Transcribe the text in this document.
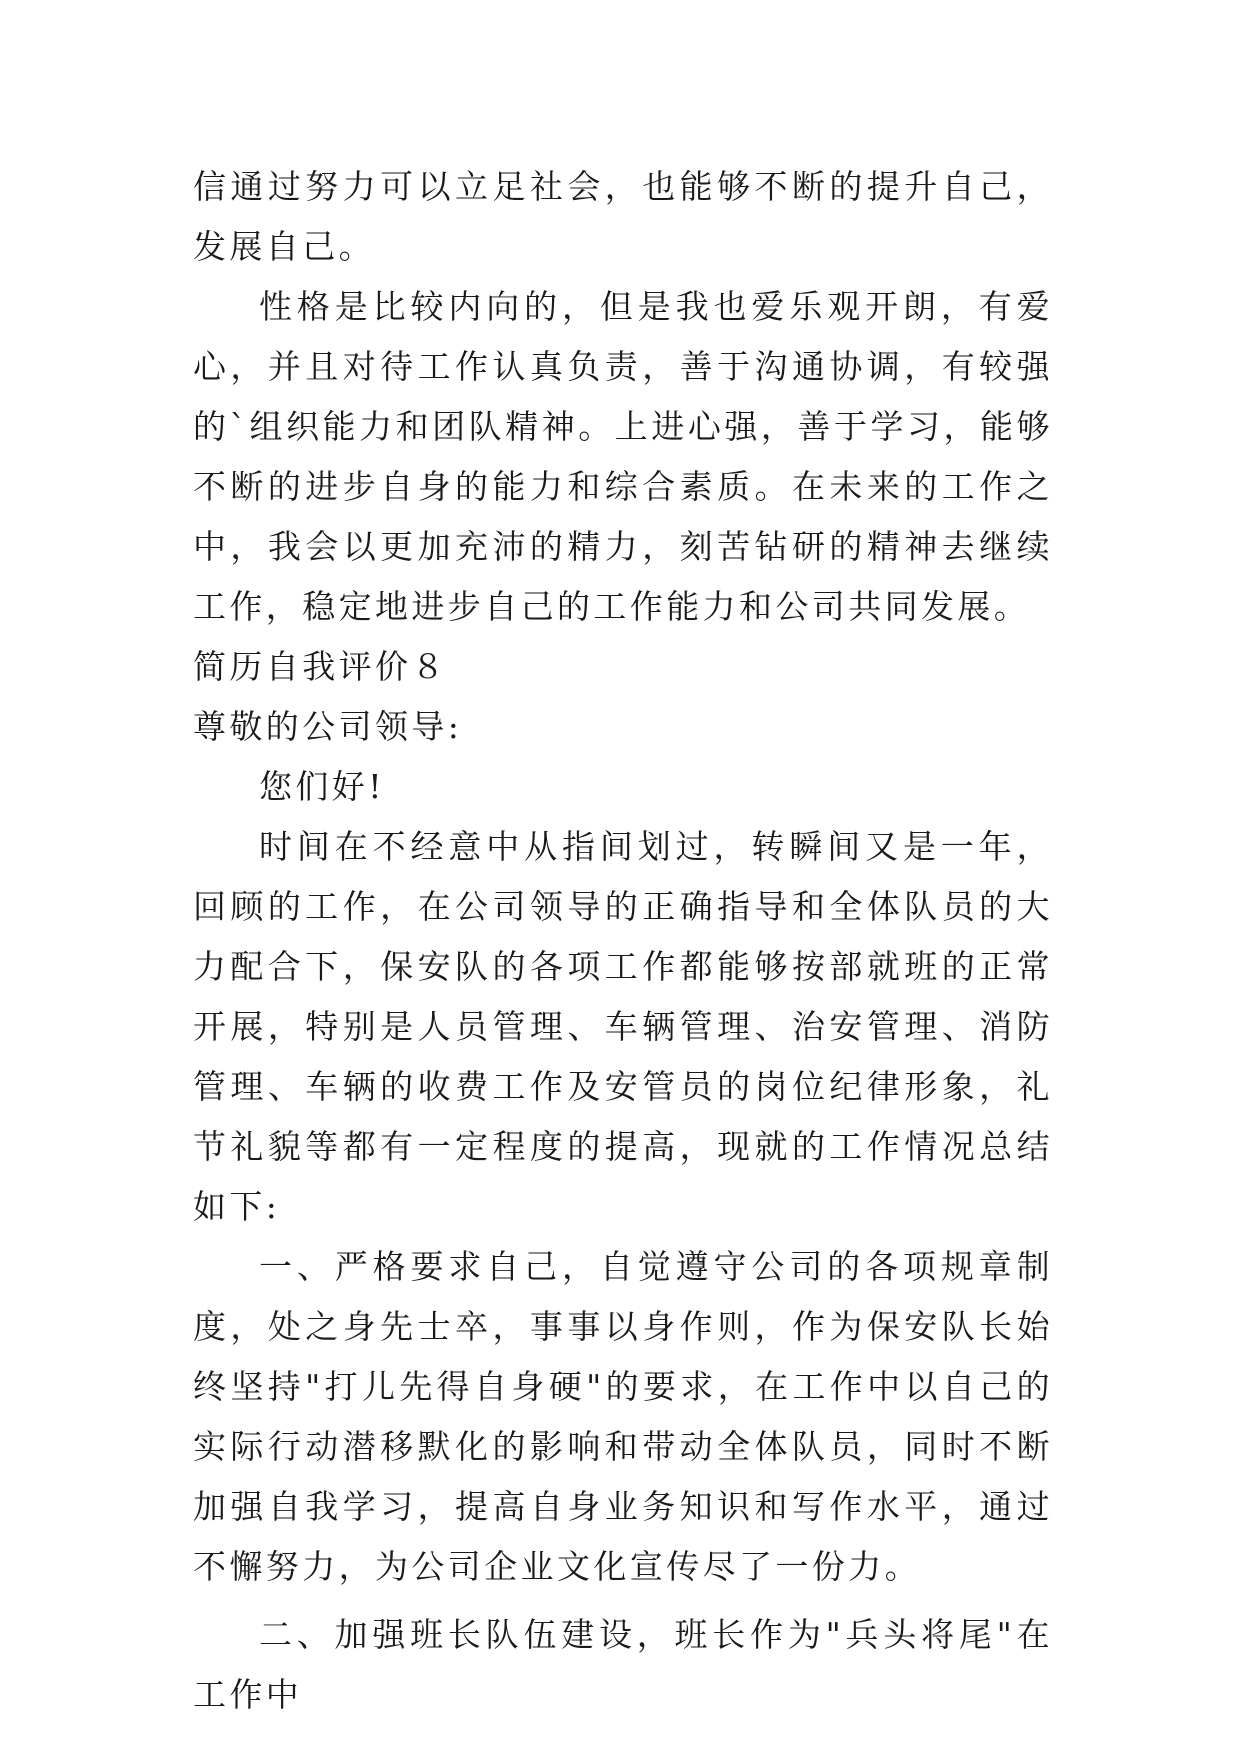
信通过努力可以立足社会，也能够不断的提升自己，发展自己。

性格是比较内向的，但是我也爱乐观开朗，有爱心，并且对待工作认真负责，善于沟通协调，有较强的`组织能力和团队精神。上进心强，善于学习，能够不断的进步自身的能力和综合素质。在未来的工作之中，我会以更加充沛的精力，刻苦钻研的精神去继续工作，稳定地进步自己的工作能力和公司共同发展。

简历自我评价８

尊敬的公司领导:

您们好!

时间在不经意中从指间划过，转瞬间又是一年，回顾的工作，在公司领导的正确指导和全体队员的大力配合下，保安队的各项工作都能够按部就班的正常开展，特别是人员管理、车辆管理、治安管理、消防管理、车辆的收费工作及安管员的岗位纪律形象，礼节礼貌等都有一定程度的提高，现就的工作情况总结如下:

一、严格要求自己，自觉遵守公司的各项规章制度，处之身先士卒，事事以身作则，作为保安队长始终坚持"打儿先得自身硬"的要求，在工作中以自己的实际行动潜移默化的影响和带动全体队员，同时不断加强自我学习，提高自身业务知识和写作水平，通过不懈努力，为公司企业文化宣传尽了一份力。

二、加强班长队伍建设，班长作为"兵头将尾"在工作中
